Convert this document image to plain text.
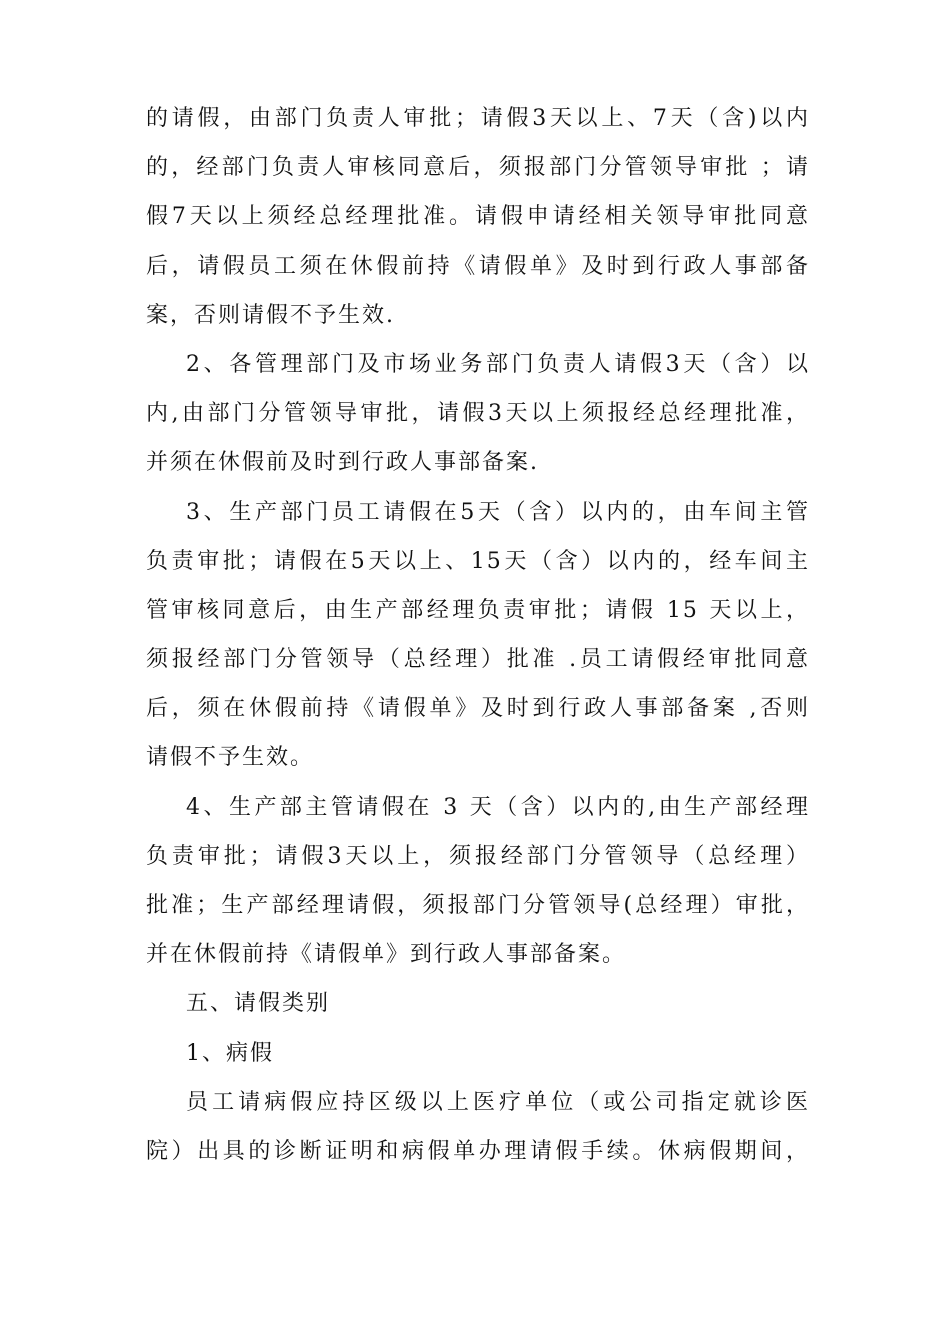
的请假，由部门负责人审批；请假3天以上、7天（含)以内
的，经部门负责人审核同意后，须报部门分管领导审批 ；请
假7天以上须经总经理批准。请假申请经相关领导审批同意
后，请假员工须在休假前持《请假单》及时到行政人事部备
案，否则请假不予生效.
2、各管理部门及市场业务部门负责人请假3天（含）以
内,由部门分管领导审批，请假3天以上须报经总经理批准，
并须在休假前及时到行政人事部备案.
3、生产部门员工请假在5天（含）以内的，由车间主管
负责审批；请假在5天以上、15天（含）以内的，经车间主
管审核同意后，由生产部经理负责审批；请假 15 天以上，
须报经部门分管领导（总经理）批准 .员工请假经审批同意
后，须在休假前持《请假单》及时到行政人事部备案 ,否则
请假不予生效。
4、生产部主管请假在 3 天（含）以内的,由生产部经理
负责审批；请假3天以上，须报经部门分管领导（总经理）
批准；生产部经理请假，须报部门分管领导(总经理）审批，
并在休假前持《请假单》到行政人事部备案。
五、请假类别
1、病假
员工请病假应持区级以上医疗单位（或公司指定就诊医
院）出具的诊断证明和病假单办理请假手续。休病假期间，
